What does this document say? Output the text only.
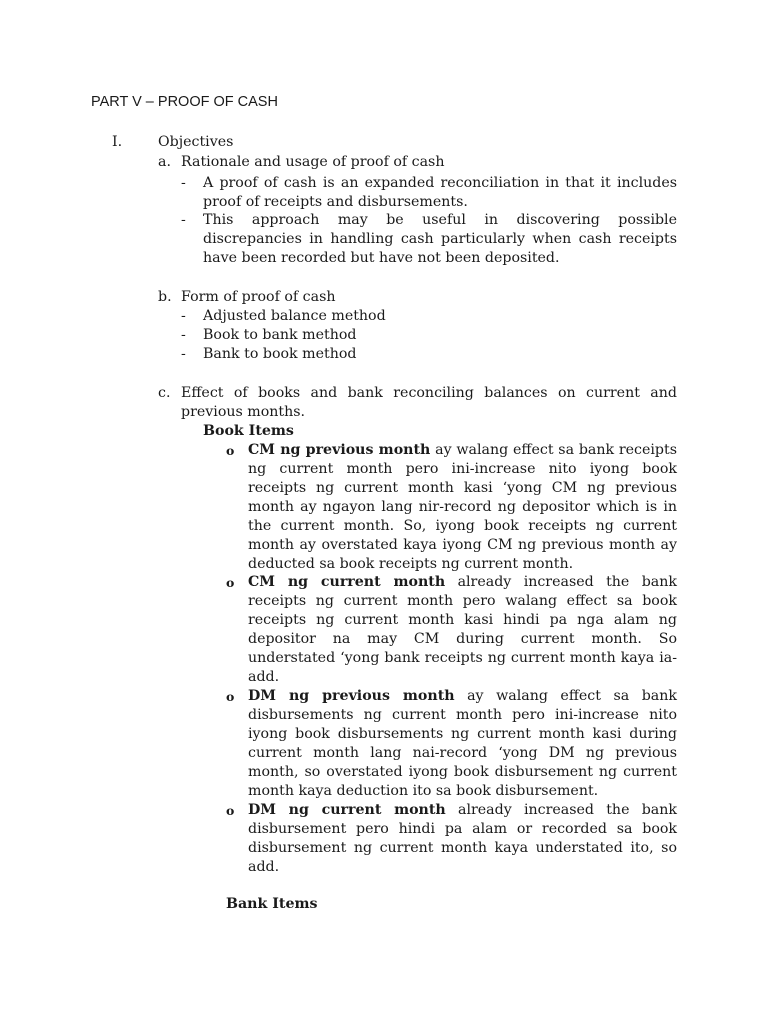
PART V – PROOF OF CASH
I.	Objectives
a. Rationale and usage of proof of cash
- A proof of cash is an expanded reconciliation in that it includes proof of receipts and disbursements.
- This approach may be useful in discovering possible discrepancies in handling cash particularly when cash receipts have been recorded but have not been deposited.
b. Form of proof of cash
- Adjusted balance method
- Book to bank method
- Bank to book method
c. Effect of books and bank reconciling balances on current and previous months.
Book Items
o CM ng previous month ay walang effect sa bank receipts ng current month pero ini-increase nito iyong book receipts ng current month kasi ‘yong CM ng previous month ay ngayon lang nir-record ng depositor which is in the current month. So, iyong book receipts ng current month ay overstated kaya iyong CM ng previous month ay deducted sa book receipts ng current month.
o CM ng current month already increased the bank receipts ng current month pero walang effect sa book receipts ng current month kasi hindi pa nga alam ng depositor na may CM during current month. So understated ‘yong bank receipts ng current month kaya ia-add.
o DM ng previous month ay walang effect sa bank disbursements ng current month pero ini-increase nito iyong book disbursements ng current month kasi during current month lang nai-record ‘yong DM ng previous month, so overstated iyong book disbursement ng current month kaya deduction ito sa book disbursement.
o DM ng current month already increased the bank disbursement pero hindi pa alam or recorded sa book disbursement ng current month kaya understated ito, so add.
Bank Items
